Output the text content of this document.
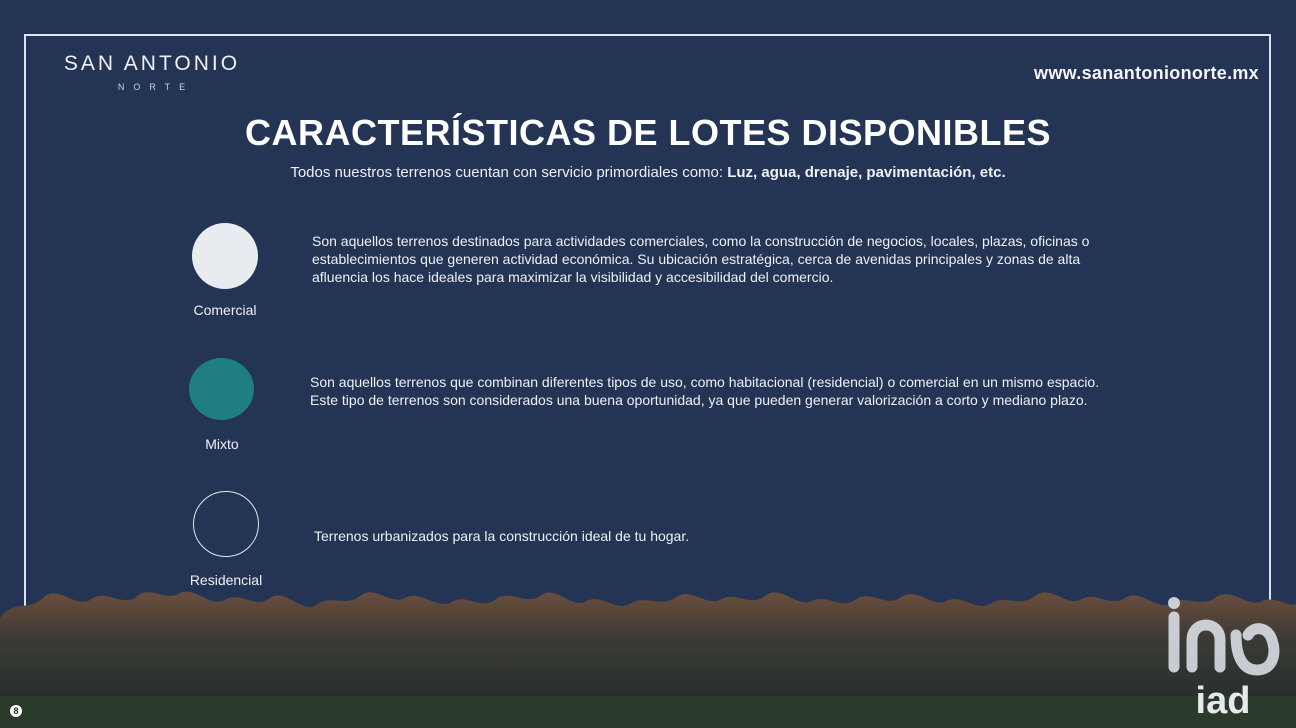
SAN ANTONIO
NORTE
www.sanantonionorte.mx
CARACTERÍSTICAS DE LOTES DISPONIBLES
Todos nuestros terrenos cuentan con servicio primordiales como: Luz, agua, drenaje, pavimentación, etc.
Comercial
Son aquellos terrenos destinados para actividades comerciales, como la construcción de negocios, locales, plazas, oficinas o establecimientos que generen actividad económica. Su ubicación estratégica, cerca de avenidas principales y zonas de alta afluencia los hace ideales para maximizar la visibilidad y accesibilidad del comercio.
Mixto
Son aquellos terrenos que combinan diferentes tipos de uso, como habitacional (residencial) o comercial en un mismo espacio. Este tipo de terrenos son considerados una buena oportunidad, ya que pueden generar valorización a corto y mediano plazo.
Residencial
Terrenos urbanizados para la construcción ideal de tu hogar.
iad
8
